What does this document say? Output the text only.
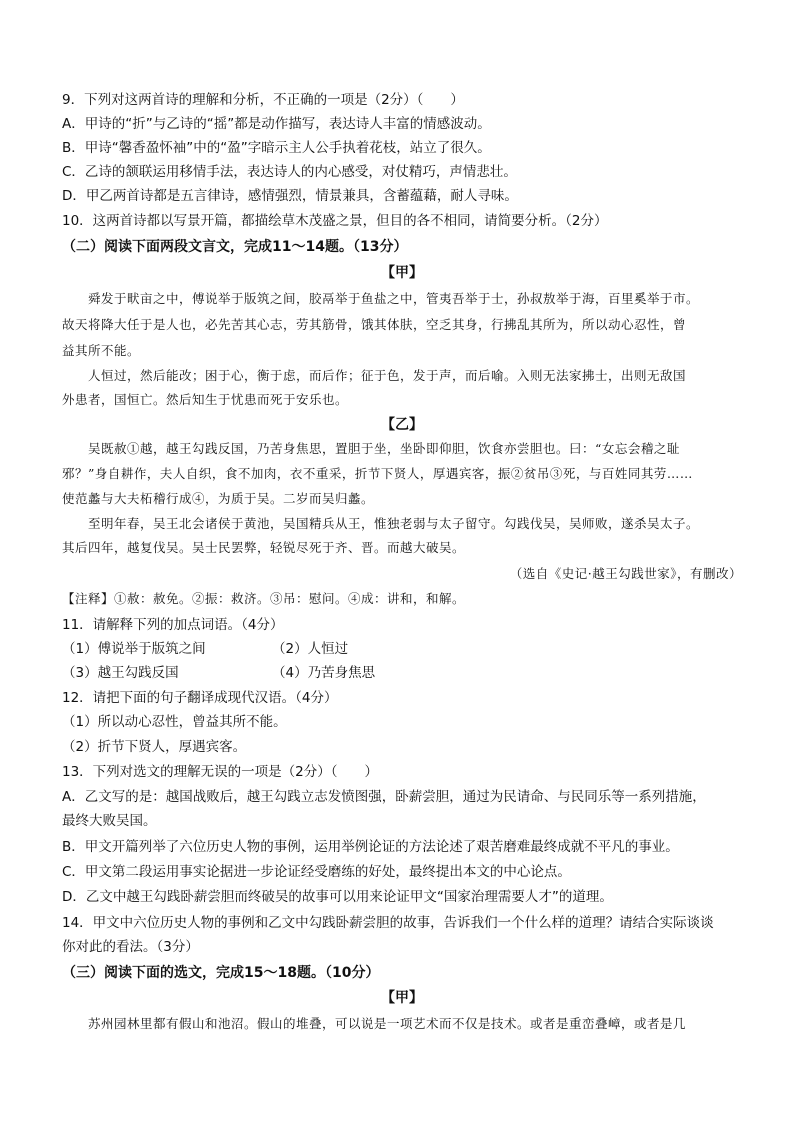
9．下列对这两首诗的理解和分析，不正确的一项是（2分）（　　）
A．甲诗的“折”与乙诗的“摇”都是动作描写，表达诗人丰富的情感波动。
B．甲诗“馨香盈怀袖”中的“盈”字暗示主人公手执着花枝，站立了很久。
C．乙诗的颔联运用移情手法，表达诗人的内心感受，对仗精巧，声情悲壮。
D．甲乙两首诗都是五言律诗，感情强烈，情景兼具，含蓄蕴藉，耐人寻味。
10．这两首诗都以写景开篇，都描绘草木茂盛之景，但目的各不相同，请简要分析。（2分）
（二）阅读下面两段文言文，完成11～14题。（13分）
【甲】
舜发于畎亩之中，傅说举于版筑之间，胶鬲举于鱼盐之中，管夷吾举于士，孙叔敖举于海，百里奚举于市。
故天将降大任于是人也，必先苦其心志，劳其筋骨，饿其体肤，空乏其身，行拂乱其所为，所以动心忍性，曾
益其所不能。
人恒过，然后能改；困于心，衡于虑，而后作；征于色，发于声，而后喻。入则无法家拂士，出则无敌国
外患者，国恒亡。然后知生于忧患而死于安乐也。
【乙】
吴既赦①越，越王勾践反国，乃苦身焦思，置胆于坐，坐卧即仰胆，饮食亦尝胆也。曰：“女忘会稽之耻
邪？”身自耕作，夫人自织，食不加肉，衣不重采，折节下贤人，厚遇宾客，振②贫吊③死，与百姓同其劳……
使范蠡与大夫柘稽行成④，为质于吴。二岁而吴归蠡。
至明年春，吴王北会诸侯于黄池，吴国精兵从王，惟独老弱与太子留守。勾践伐吴，吴师败，遂杀吴太子。
其后四年，越复伐吴。吴士民罢弊，轻锐尽死于齐、晋。而越大破吴。
（选自《史记·越王勾践世家》，有删改）
【注释】①赦：赦免。②振：救济。③吊：慰问。④成：讲和，和解。
11．请解释下列的加点词语。（4分）
（1）傅说举于版筑之间	（2）人恒过
（3）越王勾践反国	（4）乃苦身焦思
12．请把下面的句子翻译成现代汉语。（4分）
（1）所以动心忍性，曾益其所不能。
（2）折节下贤人，厚遇宾客。
13．下列对选文的理解无误的一项是（2分）（　　）
A．乙文写的是：越国战败后，越王勾践立志发愤图强，卧薪尝胆，通过为民请命、与民同乐等一系列措施，
最终大败吴国。
B．甲文开篇列举了六位历史人物的事例，运用举例论证的方法论述了艰苦磨难最终成就不平凡的事业。
C．甲文第二段运用事实论据进一步论证经受磨练的好处，最终提出本文的中心论点。
D．乙文中越王勾践卧薪尝胆而终破吴的故事可以用来论证甲文“国家治理需要人才”的道理。
14．甲文中六位历史人物的事例和乙文中勾践卧薪尝胆的故事，告诉我们一个什么样的道理？请结合实际谈谈
你对此的看法。（3分）
（三）阅读下面的选文，完成15～18题。（10分）
【甲】
苏州园林里都有假山和池沼。假山的堆叠，可以说是一项艺术而不仅是技术。或者是重峦叠嶂，或者是几
